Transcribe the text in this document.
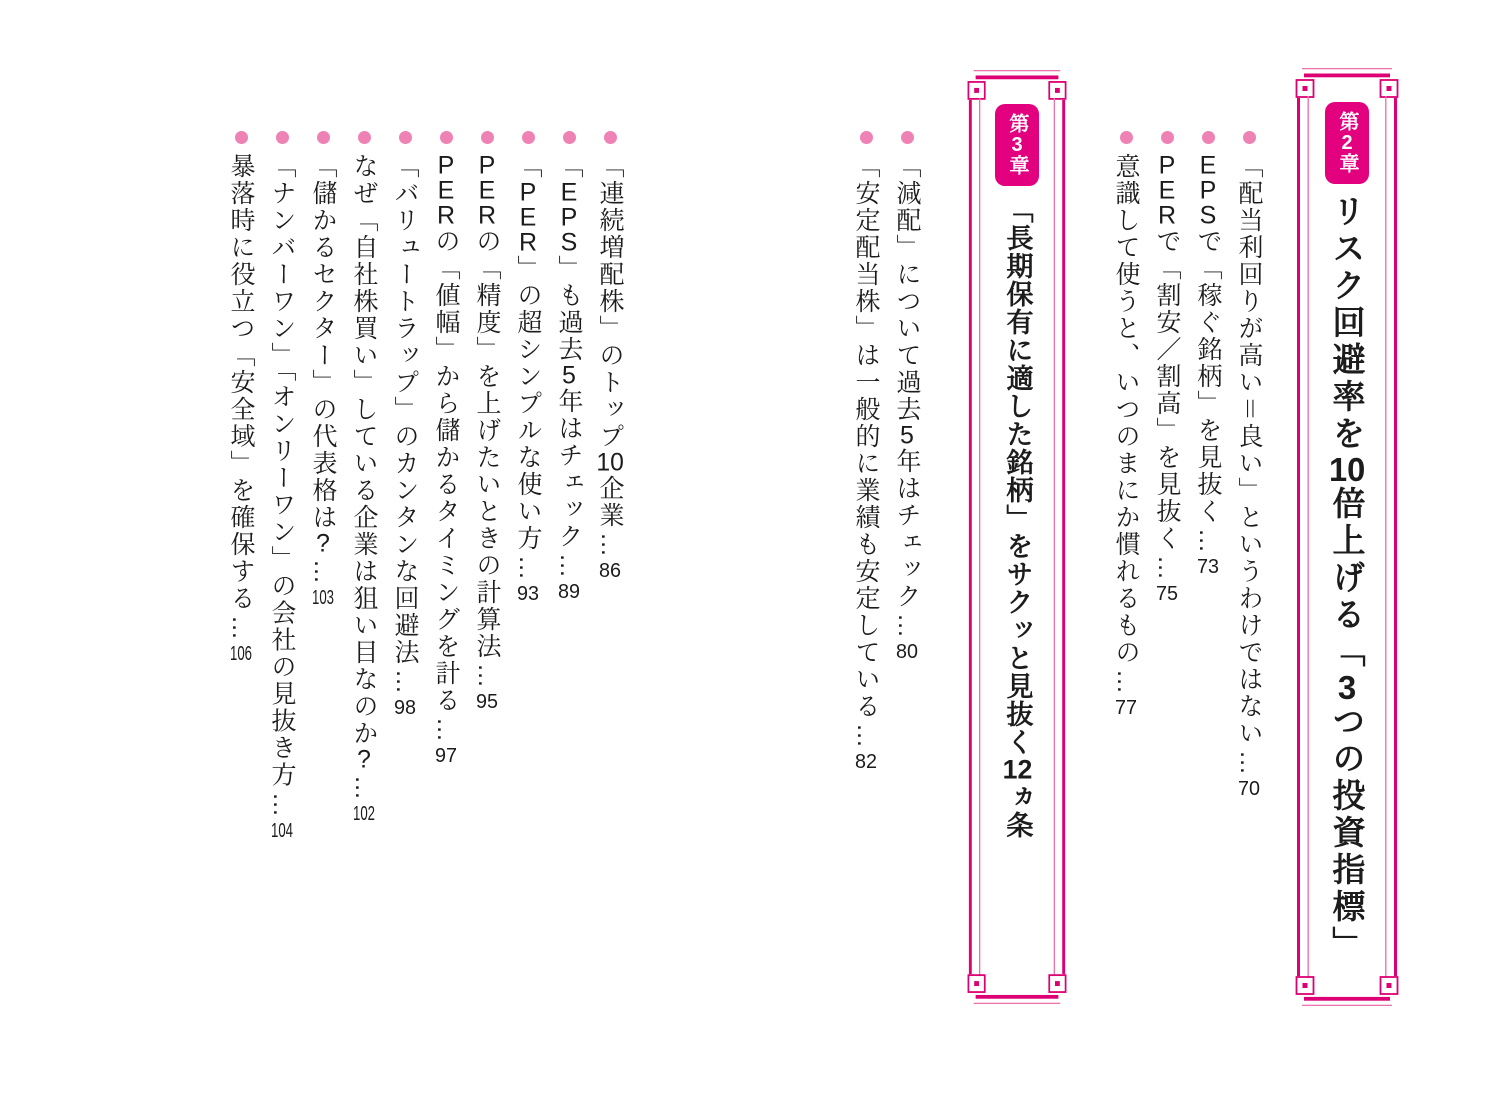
第2章
リスク回避率を10倍上げる「3つの投資指標」
第3章
「長期保有に適した銘柄」をサクッと見抜く12ヵ条
「配当利回りが高い＝良い」というわけではない…70
EPSで「稼ぐ銘柄」を見抜く…73
PERで「割安／割高」を見抜く…75
意識して使うと、いつのまにか慣れるもの…77
「減配」について過去5年はチェック…80
「安定配当株」は一般的に業績も安定している…82
「連続増配株」のトップ10企業…86
「EPS」も過去5年はチェック…89
「PER」の超シンプルな使い方…93
PERの「精度」を上げたいときの計算法…95
PERの「値幅」から儲かるタイミングを計る…97
「バリュートラップ」のカンタンな回避法…98
なぜ「自社株買い」している企業は狙い目なのか?…102
「儲かるセクター」の代表格は?…103
「ナンバーワン」「オンリーワン」の会社の見抜き方…104
暴落時に役立つ「安全域」を確保する…106
